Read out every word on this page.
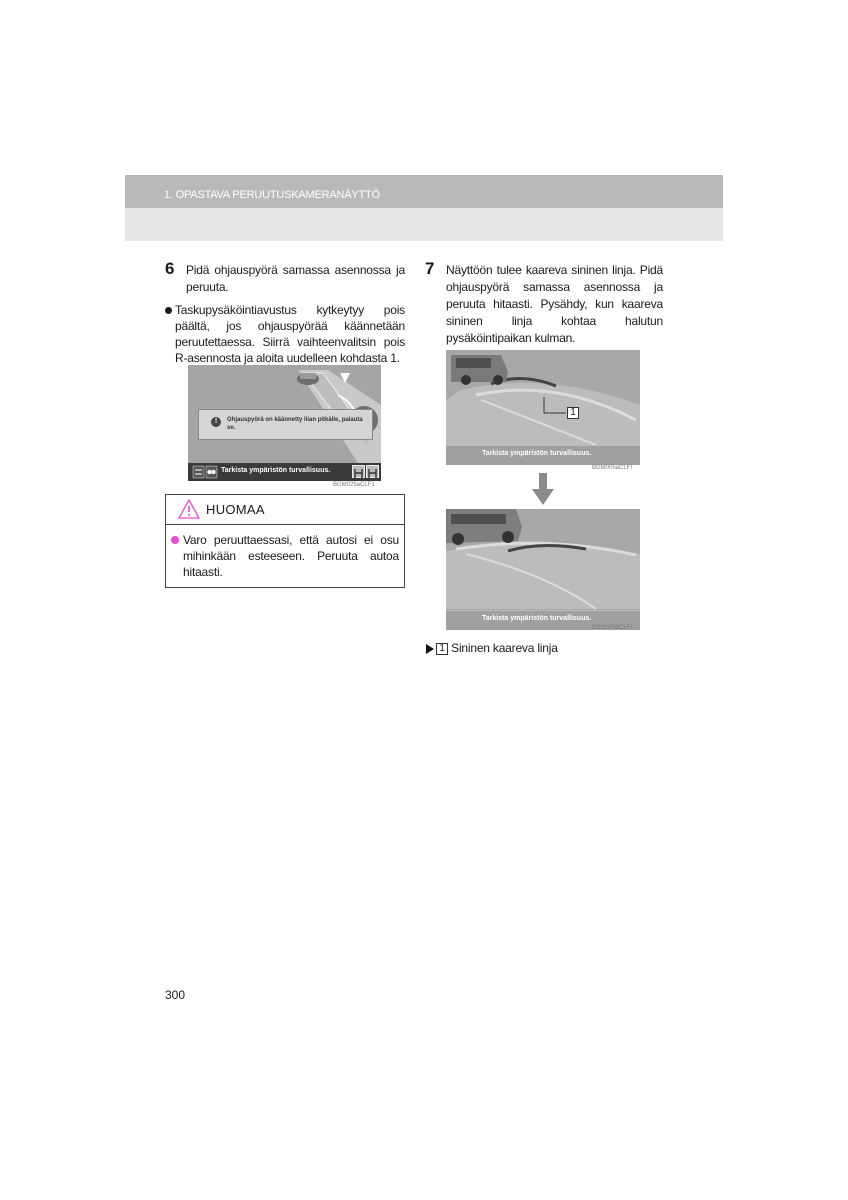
1. OPASTAVA PERUUTUSKAMERANÄYTTÖ
6 Pidä ohjauspyörä samassa asennossa ja peruuta.
Taskupysäköintiavustus kytkeytyy pois päältä, jos ohjauspyörää käännetään peruutettaessa. Siirrä vaihteenvalitsin pois R-asennosta ja aloita uudelleen kohdasta 1.
!	Ohjauspyörä on käännetty liian pitkälle, palauta se.
Tarkista ympäristön turvallisuus.
BGM025aCLF1
HUOMAA
Varo peruuttaessasi, että autosi ei osu mihinkään esteeseen. Peruuta autoa hitaasti.
7 Näyttöön tulee kaareva sininen linja. Pidä ohjauspyörä samassa asennossa ja peruuta hitaasti. Pysähdy, kun kaareva sininen linja kohtaa halutun pysäköintipaikan kulman.
1
Tarkista ympäristön turvallisuus.
BGM005aCLFI
Tarkista ympäristön turvallisuus.
BGM005bCLFI
1 Sininen kaareva linja
300
